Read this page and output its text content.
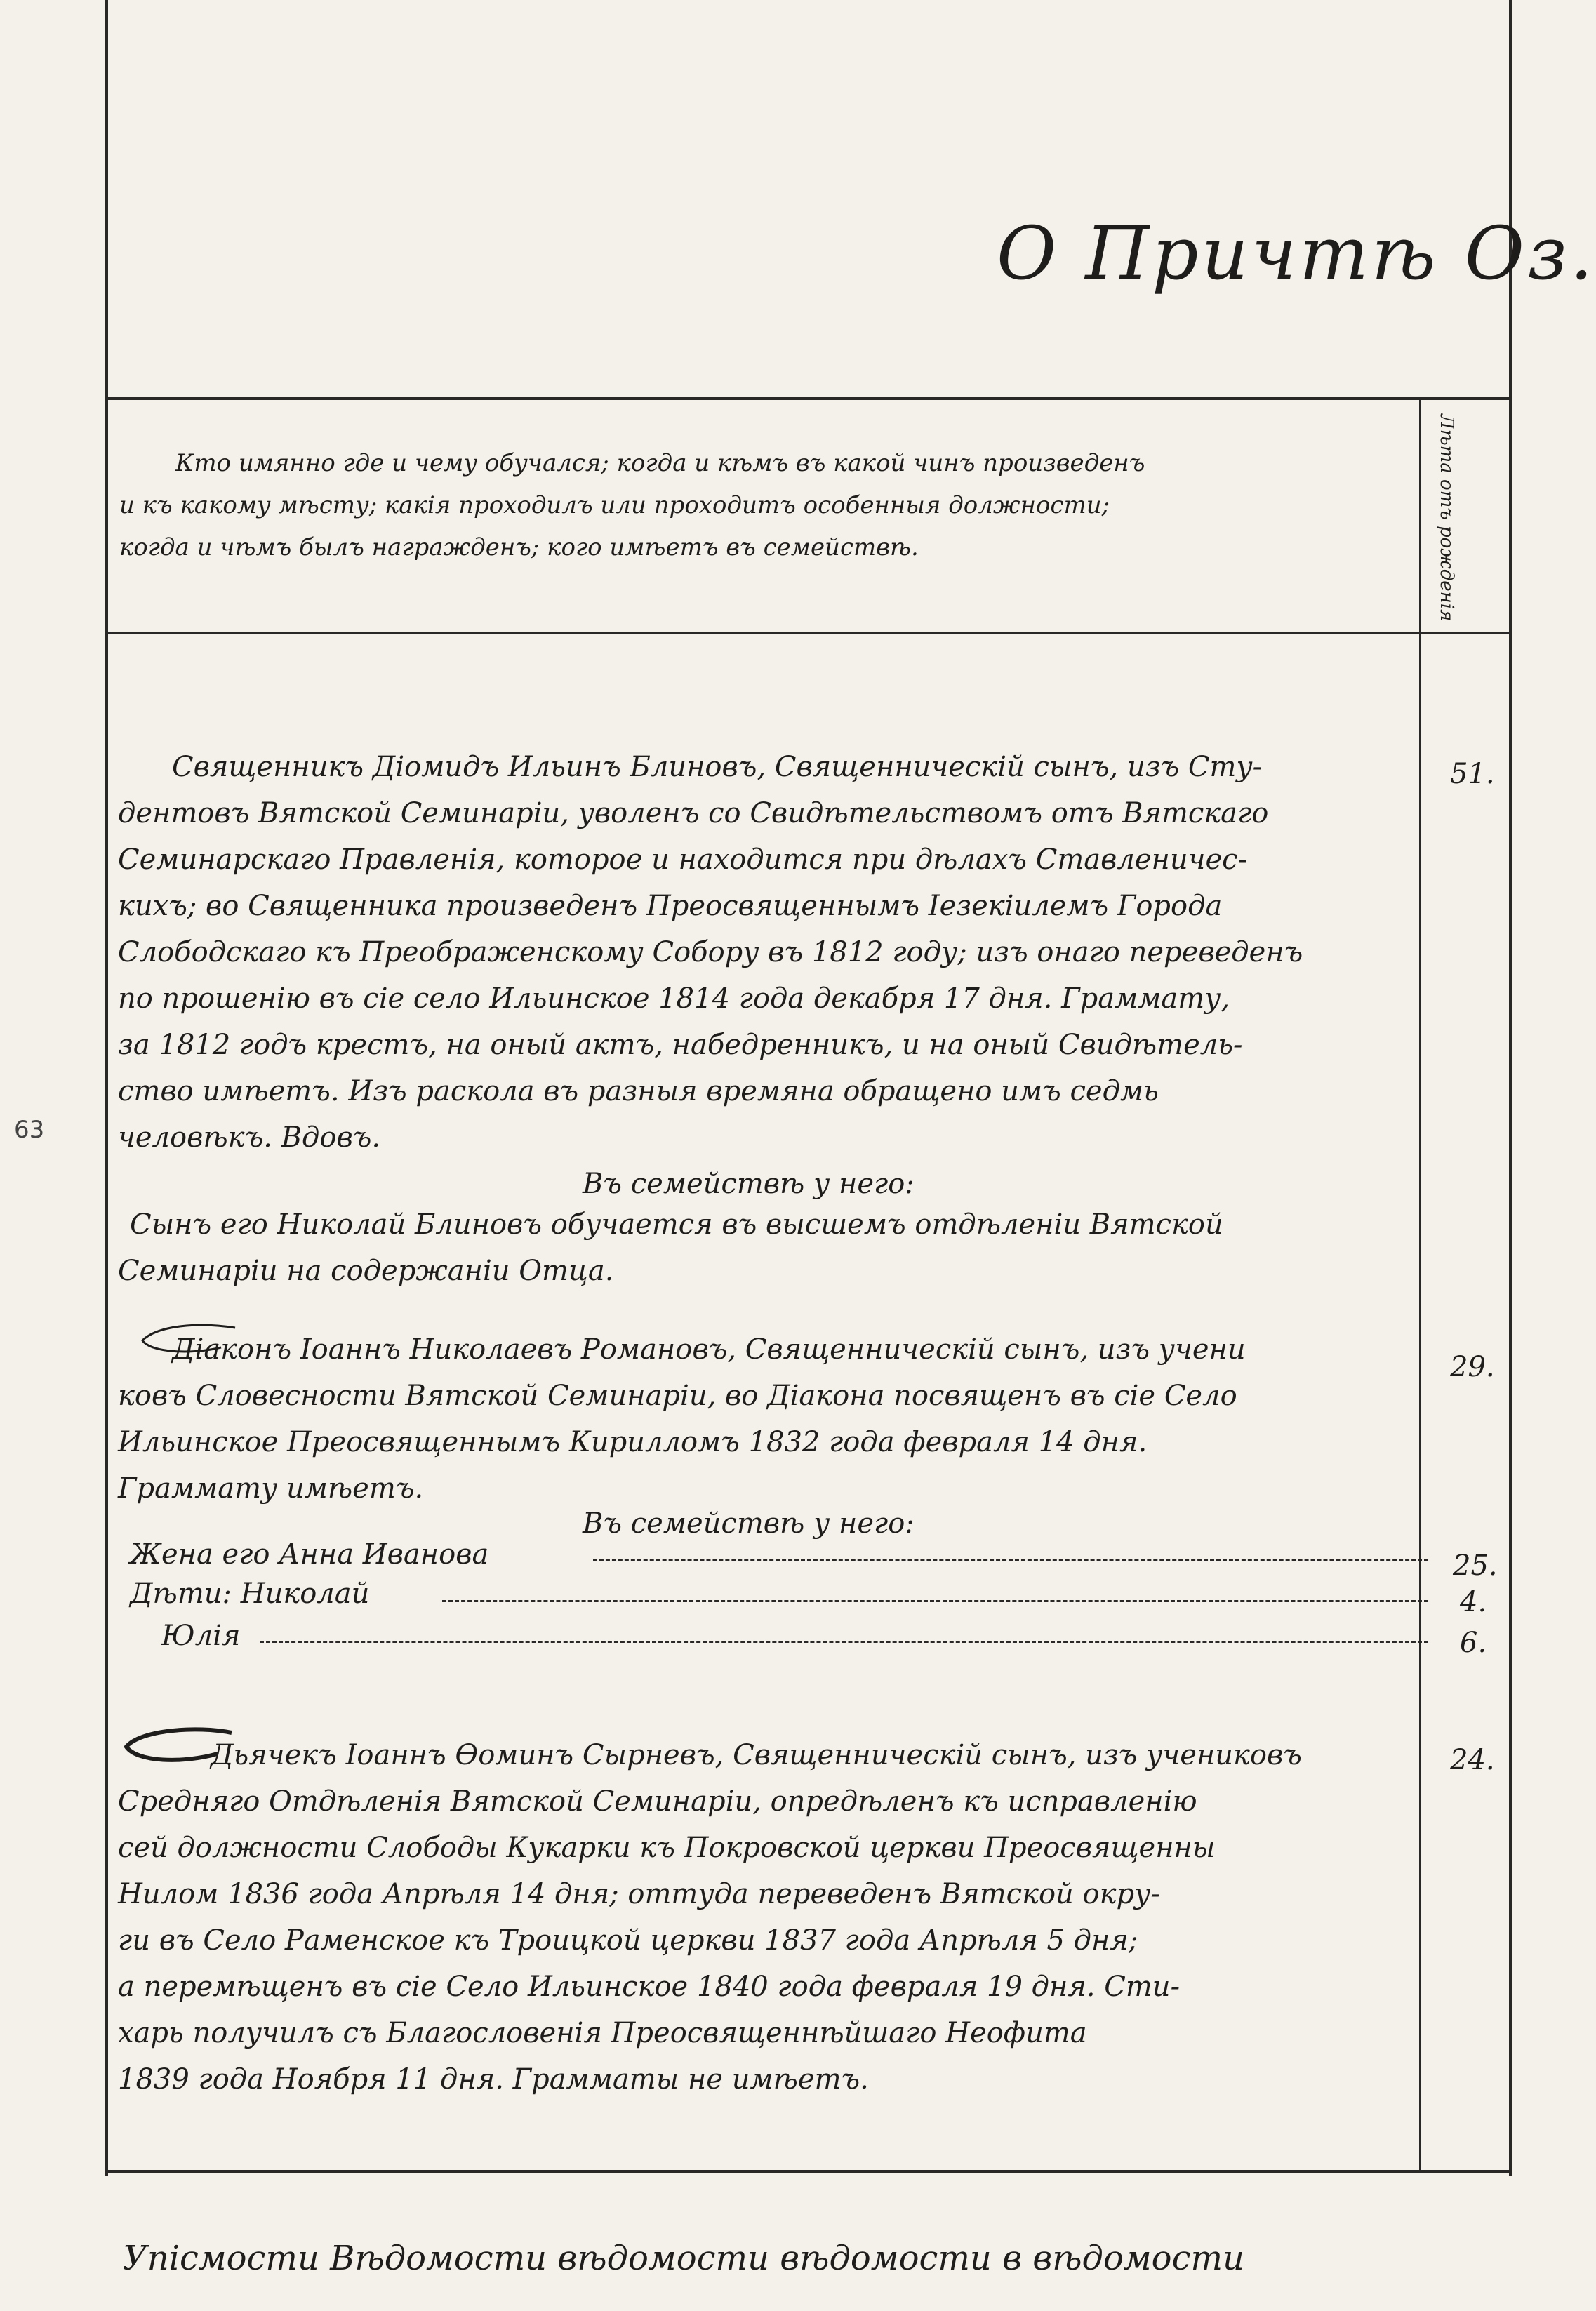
63
О Причтѣ Оз.
Кто имянно где и чему обучался; когда и кѣмъ въ какой чинъ произведенъ
и къ какому мѣсту; какія проходилъ или проходитъ особенныя должности;
когда и чѣмъ былъ награжденъ; кого имѣетъ въ семействѣ.	Лѣта отъ рожденія
Священникъ Діомидъ Ильинъ Блиновъ, Священническій сынъ, изъ Сту-
дентовъ Вятской Семинаріи, уволенъ со Свидѣтельствомъ отъ Вятскаго
Семинарскаго Правленія, которое и находится при дѣлахъ Ставленичес-
кихъ; во Священника произведенъ Преосвященнымъ Іезекіилемъ Города
Слободскаго къ Преображенскому Собору въ 1812 году; изъ онаго переведенъ
по прошенію въ сіе село Ильинское 1814 года декабря 17 дня. Граммату,
за 1812 годъ крестъ, на оный актъ, набедренникъ, и на оный Свидѣтель-
ство имѣетъ. Изъ раскола въ разныя времяна обращено имъ седмь
человѣкъ. Вдовъ.
51.
Въ семействѣ у него:
Сынъ его Николай Блиновъ обучается въ высшемъ отдѣленіи Вятской
Семинаріи на содержаніи Отца.
Діаконъ Іоаннъ Николаевъ Романовъ, Священническій сынъ, изъ учени
ковъ Словесности Вятской Семинаріи, во Діакона посвященъ въ сіе Село
Ильинское Преосвященнымъ Кирилломъ 1832 года февраля 14 дня.
Граммату имѣетъ.
29.
Въ семействѣ у него:
Жена его Анна Иванова	25.
Дѣти: Николай	4.
Юлія	6.
Дьячекъ Іоаннъ Ѳоминъ Сырневъ, Священническій сынъ, изъ учениковъ
Средняго Отдѣленія Вятской Семинаріи, опредѣленъ къ исправленію
сей должности Слободы Кукарки къ Покровской церкви Преосвященны
Нилом 1836 года Апрѣля 14 дня; оттуда переведенъ Вятской окру-
ги въ Село Раменское къ Троицкой церкви 1837 года Апрѣля 5 дня;
а перемѣщенъ въ сіе Село Ильинское 1840 года февраля 19 дня. Сти-
харь получилъ съ Благословенія Преосвященнѣйшаго Неофита
1839 года Ноября 11 дня. Грамматы не имѣетъ.
24.
Упісмости Вѣдомости вѣдомости вѣдомости в вѣдомости
